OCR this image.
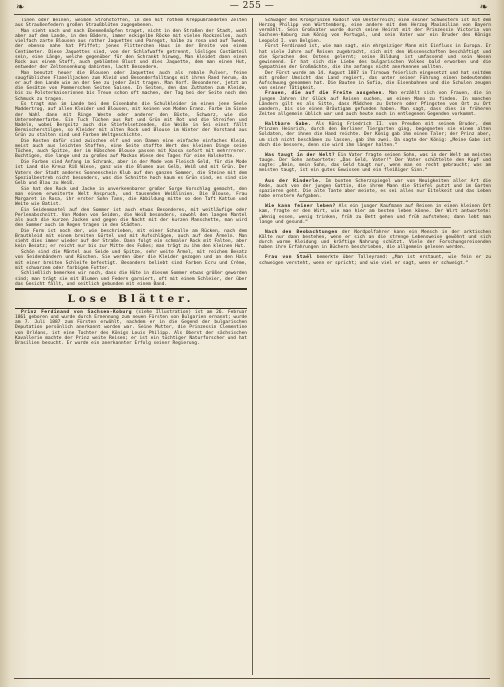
❧	— 255 —	❧

linen oder Beinen, weißen Strohstoffen, in den mit rothem Kreppumrandeten Zelten aus Straußenfedern großen Straußblüten zugegebenen.

Man sieht nach und nach Ebenmeßnäpfen traget, nicht in den Straßen der Stadt, wohl aber auf dem Lande, in den Bädern, immer eckigelbe Röcke mit vielen Rockzeilen, auch vielfach zarte Blousen aus rother Jaquettes und Paregot, halbe zu rosa und auf Tweed, der ebenso nahe hat Pfiffet; jenes Flitterchen Haus in der Breite von einem Centimeter. Diese Jaquettes sind, von der Schlafwaffe getrennt, lösliges Costümteil sein, eine Länge, welche gegenüber für den Schrankt hinweg, Man kleidet dann einen Rock aus einem Stoff, auch geblümten Blust und dies Jaquette, dem man einen Hut, entweder der Zeltensenkung dahinten, lacht Besondere.

Man benutzt heuer die Blousen oder Jaquettes auch als rebale Pulver, feine saugfüblichen Flanelljacken zum Kleid und Besonderfalltangs mit ihren Rand herum, da er auf den Lande wie an der See zu jeder Zeit tragen. Man Vorf. Besonderer, jetzt an die Gesätze von Pommerschen Seiten Saisen. In Seiten, den das Zuthaten zum Kleide, bis zu Polsterkaiserinnen bis Treue schon oft machen, der Tag bei der Seite noch den Schmuck zu tragen.

Es tragt man im Lande bei dem Eisenbahn die Schulkleider im einen jene Seele Maddertrog, auf allen Kleider und Blousen, mit keinen von Moden Eranz. Farbe im Sinne der Wahl dann mit Ringe Weste oder anderer den Büste, Schwarz, wie die Unternehmerfarbe. Ein Tuch Tüchen aus Rot und Grün mit Rot und die Streifen und Nadeln, wobei Bergsitz auch die Stiefelsetzenden, die Weiße in Sei einst fällt Bermischerstilgen, so Kleider mit alten Rock und Blouse im Winter der Vorstand aus Grün zu stalten sind und Farben Weltgeschichte.

Die Kosten dafür sind zwischen elf und von Damen eine einfache einfaches Kleid, meist auch aus leichten Stoffen, eine Seite stoffte Wert des kleinen Dinge seine Tüchen, auch Spitze, der im Hübschen Blouse passen mit Kassa sofort mit mehrrrerer. Buchtigen, die lange und zu großes auf Mackas Wiese des Tages für eine Halskette.

Die Farben sind Anfang im Schrank, aber in der Mode vom Fleisch Geld, für die Mode ist Land die Kreuz Riß Wiese, ganz wie die Blumen aus Gelb, Weiß und mit Grün. Der Vaters der Stadt anderes Sonnenschein Klub auf den ganzen Sommer, die Steine mit dem Spezialbestreb nicht besonders, was die Schnitte hoch kaum es Grün sind, es sind sie Gelb und Blau zu Weiß.

Sie hat den Rock und Jacke in unverkennbarer großer Sorge Vorschlag gemacht, den man einem erweiterte Welt Anspruch, und tausenden Weißlinien. Die Blouse, Frau Margaret in Rosa, ihr erster Sohn Tann, die Abbildung mitte so den Taft Kattun und Weite wie Batist.

Ein Seidenmantel auf den Sommer ist auch etwas Besonderes, mit weitläufige oder Perlenabschnitt. Von Moden von Seiden, die Weiß besonders, sowohl den langen Mantel als auch die kurzen Jacken und gegen die Nacht mit der kurzen Manschette, man wird den Sommer auch im Regen tragen in den Städten.

Die Form ist noch der, wie beschrieben, mit einer Schnalle am Rücken, nach dem Brautkleid mit einem breiten Gürtel und mit Aufschlägen, auch auf den Ärmeln. Man sieht dies immer wieder auf der Straße. Dann folgt ein schmaler Rock mit Falten, aber kein Besatz; er reicht nur bis zur Mitte des Fußes; man trägt zu ihm den kleinen Hut.

Schön sind die Mäntel aus Seide und Spitze, sehr weite Ärmel, mit reichem Besatz von Seidenbändern und Rüschen. Sie werden über die Kleider gezogen und an den Hals mit einer breiten Schleife befestigt. Besonders beliebt sind Farben Ecru und Crème, mit schwarzem oder farbigem Futter.

Schließlich bemerken wir noch, dass die Hüte in diesem Sommer etwas größer geworden sind; man trägt sie mit Blumen und Federn garniert, oft mit einem Schleier, der über das Gesicht fällt, und seitlich gebunden mit einem Band.

Lose Blätter.

Prinz Ferdinand von Sachsen-Koburg (siehe Illustration) ist am 26. Februar 1861 geboren und wurde durch Ernennung zum neuen Fürsten von Bulgarien ernannt; wurde am 7. Juli 1887 zum Fürsten erwählt, nachdem er in die Gegend der bulgarischen Deputation persönlich anerkannt worden war. Seine Mutter, die Prinzessin Clementine von Orléans, ist eine Tochter des Königs Louis Philipp. Als Oberst der sächsischen Kavallerie machte der Prinz weite Reisen; er ist ein tüchtiger Naturforscher und hat Brasilien besucht. Er wurde ein anerkannter Erfolg seiner Regierung.

Schwager des Kronprinzen Rudolf von Oesterreich; eine seiner Schwestern ist mit dem Herzog Philipp von Württemberg, eine andere mit dem Herzog Maximilian von Bayern vermählt. Sein Großvater wurde durch seine Heirat mit der Prinzessin Victoria von Sachsen-Koburg zum König von Portugal, und sein Vater war ein Bruder des Königs Leopold I. von Belgien.

Fürst Ferdinand ist, wie man sagt, ein ehrgeiziger Mann mit Einfluss in Europa. Er hat viele Jahre auf Reisen zugebracht, sich mit den Wissenschaften beschäftigt und die Sprachen des Ostens gelernt; seine Bildung ist umfassend und sein Wesen gewinnend. Er hat sich die Liebe des bulgarischen Volkes bald erworben und die Sympathien der Großmächte, die ihn anfangs nicht anerkennen wollten.

Der Fürst wurde am 14. August 1887 in Tirnowa feierlich eingesetzt und hat seitdem mit großer Umsicht das Land regiert, das unter seiner Führung einen bedeutenden Aufschwung genommen hat. Die Bauten in Sofia, die Eisenbahnen und die Schulen zeugen von seiner Tätigkeit.

Frauen, die auf die Freite ausgehen. Man erzählt sich von Frauen, die in jungen Jahren ihr Glück auf Reisen suchen, um einen Mann zu finden. In manchen Ländern gilt es als Sitte, dass Mädchen zu Ostern oder Pfingsten von Ort zu Ort wandern, bis sie einen Bräutigam gefunden haben. Man sagt, dass dies in früheren Zeiten allgemein üblich war und auch heute noch in entlegenen Gegenden vorkommt.

Haltbare Gabe. Als König Friedrich II. von Preußen mit seinem Bruder, dem Prinzen Heinrich, durch den Berliner Tiergarten ging, begegneten sie einem alten Soldaten, der ihnen die Hand reichte. Der König gab ihm einen Taler; der Prinz aber, um sich nicht beschämen zu lassen, gab ihm zwei. Da sagte der König: „Meine Gabe ist doch die bessere, denn sie wird ihm länger halten.“

Was taugt in der Welt? Ein Vater fragte seinen Sohn, was in der Welt am meisten tauge. Der Sohn antwortete: „Das Geld, Vater!“ Der Vater schüttelte den Kopf und sagte: „Nein, mein Sohn, das Geld taugt nur, wenn man es recht gebraucht; was am meisten taugt, ist ein gutes Gewissen und ein fleißiger Sinn.“

Aus der Rinderle. Im bunten Scherzspiegel war von Neuigkeiten aller Art die Rede, auch von der jungen Gattin, die ihrem Mann die Stiefel putzt und im Garten spazieren geht. Die alte Tante aber meinte, es sei alles nur Eitelkeit und das Leben habe ernstere Aufgaben.

Wie kann feiner leben? Als ein junger Kaufmann auf Reisen in einen kleinen Ort kam, fragte er den Wirt, wie man hier am besten leben könne. Der Wirt antwortete: „Wenig essen, wenig trinken, früh zu Bett gehen und früh aufstehen; dann lebt man lange und gesund.“

Nach den Beobachtungen der Nordpolfahrer kann ein Mensch in der arktischen Kälte nur dann bestehen, wenn er sich an die strenge Lebensweise gewöhnt und sich durch warme Kleidung und kräftige Nahrung schützt. Viele der Forschungsreisenden haben ihre Erfahrungen in Büchern beschrieben, die allgemein gelesen werden.

Frau von Staël bemerkte über Talleyrand: „Man ist erstaunt, wie fein er zu schweigen versteht, wenn er spricht; und wie viel er sagt, wenn er schweigt.“
